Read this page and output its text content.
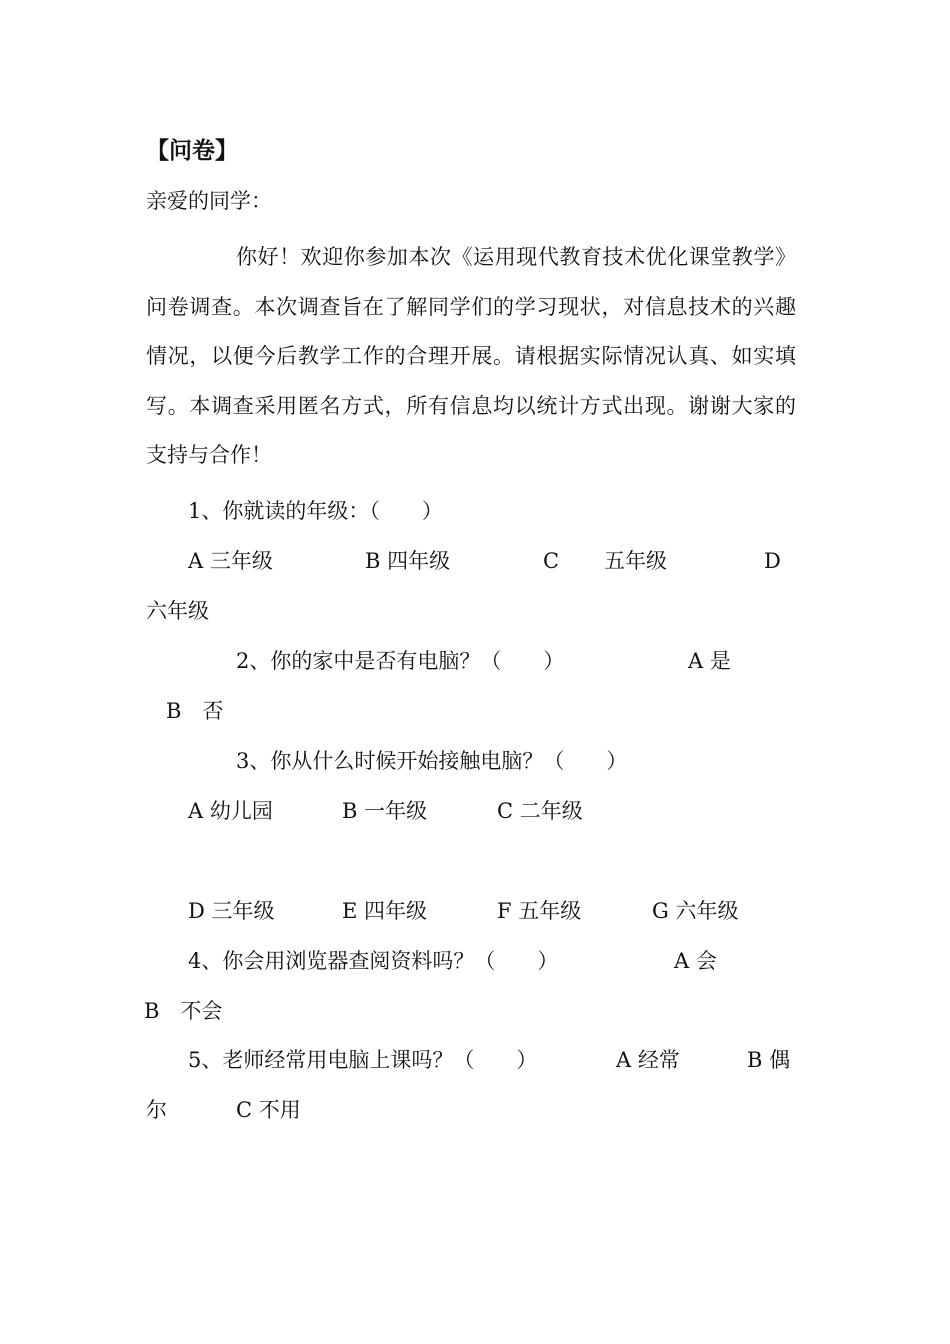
【问卷】
亲爱的同学：
你好！欢迎你参加本次《运用现代教育技术优化课堂教学》问卷调查。本次调查旨在了解同学们的学习现状，对信息技术的兴趣情况，以便今后教学工作的合理开展。请根据实际情况认真、如实填写。本调查采用匿名方式，所有信息均以统计方式出现。谢谢大家的支持与合作！
1、你就读的年级：（　　）
A 三年级	B 四年级	C 五年级	D
六年级
2、你的家中是否有电脑？（　　）	A 是
B　否
3、你从什么时候开始接触电脑？（　　）
A 幼儿园	B 一年级	C 二年级
D 三年级	E 四年级	F 五年级	G 六年级
4、你会用浏览器查阅资料吗？（　　）	A 会
B　不会
5、老师经常用电脑上课吗？（　　）	A 经常	B 偶
尔	C 不用
